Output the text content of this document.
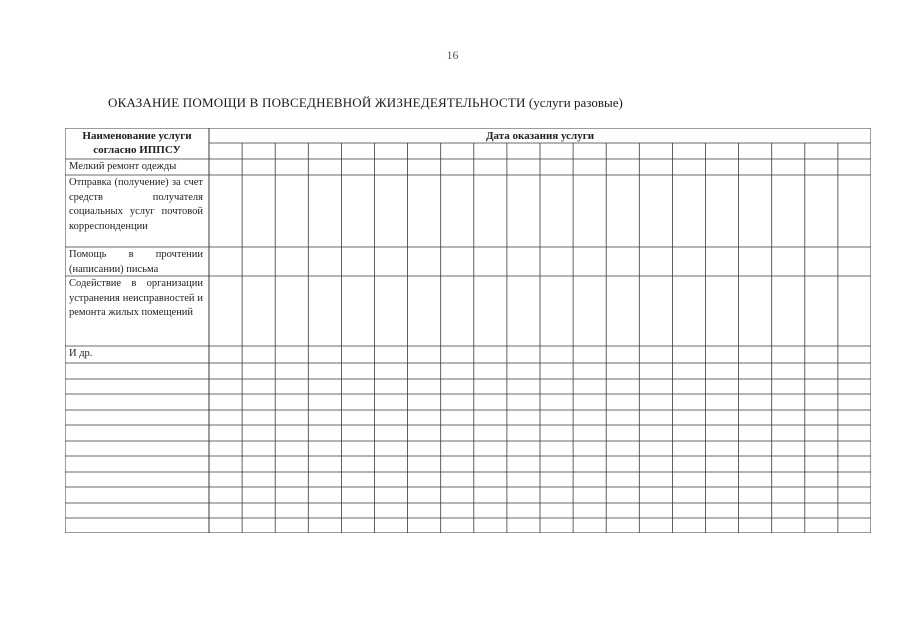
16
ОКАЗАНИЕ ПОМОЩИ В ПОВСЕДНЕВНОЙ ЖИЗНЕДЕЯТЕЛЬНОСТИ (услуги разовые)
Наименование услуги согласно ИППСУ
Дата оказания услуги
Мелкий ремонт одежды
Отправка (получение) за счет средств получателя социальных услуг почтовой корреспонденции
Помощь в прочтении (написании) письма
Содействие в организации устранения неисправностей и ремонта жилых помещений
И др.
